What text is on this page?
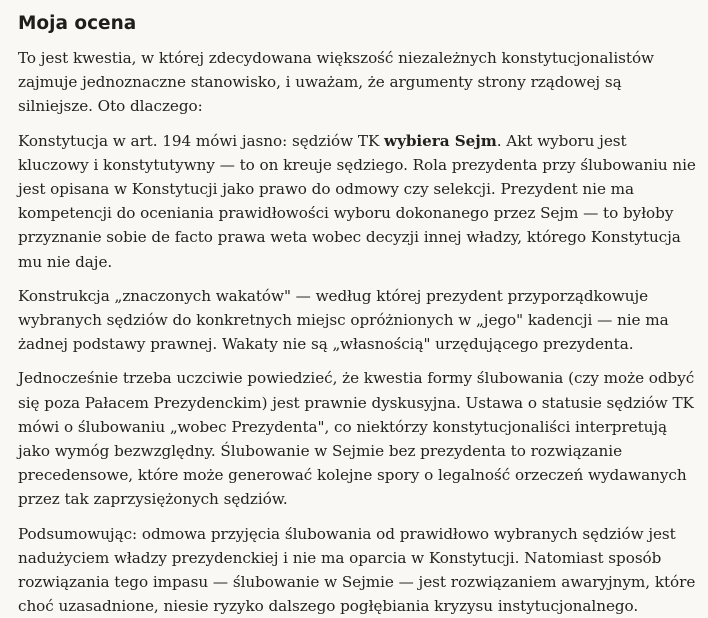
Moja ocena

To jest kwestia, w której zdecydowana większość niezależnych konstytucjonalistów zajmuje jednoznaczne stanowisko, i uważam, że argumenty strony rządowej są silniejsze. Oto dlaczego:

Konstytucja w art. 194 mówi jasno: sędziów TK wybiera Sejm. Akt wyboru jest kluczowy i konstytutywny — to on kreuje sędziego. Rola prezydenta przy ślubowaniu nie jest opisana w Konstytucji jako prawo do odmowy czy selekcji. Prezydent nie ma kompetencji do oceniania prawidłowości wyboru dokonanego przez Sejm — to byłoby przyznanie sobie de facto prawa weta wobec decyzji innej władzy, którego Konstytucja mu nie daje.

Konstrukcja „znaczonych wakatów" — według której prezydent przyporządkowuje wybranych sędziów do konkretnych miejsc opróżnionych w „jego" kadencji — nie ma żadnej podstawy prawnej. Wakaty nie są „własnością" urzędującego prezydenta.

Jednocześnie trzeba uczciwie powiedzieć, że kwestia formy ślubowania (czy może odbyć się poza Pałacem Prezydenckim) jest prawnie dyskusyjna. Ustawa o statusie sędziów TK mówi o ślubowaniu „wobec Prezydenta", co niektórzy konstytucjonaliści interpretują jako wymóg bezwzględny. Ślubowanie w Sejmie bez prezydenta to rozwiązanie precedensowe, które może generować kolejne spory o legalność orzeczeń wydawanych przez tak zaprzysiężonych sędziów.

Podsumowując: odmowa przyjęcia ślubowania od prawidłowo wybranych sędziów jest nadużyciem władzy prezydenckiej i nie ma oparcia w Konstytucji. Natomiast sposób rozwiązania tego impasu — ślubowanie w Sejmie — jest rozwiązaniem awaryjnym, które choć uzasadnione, niesie ryzyko dalszego pogłębiania kryzysu instytucjonalnego.
